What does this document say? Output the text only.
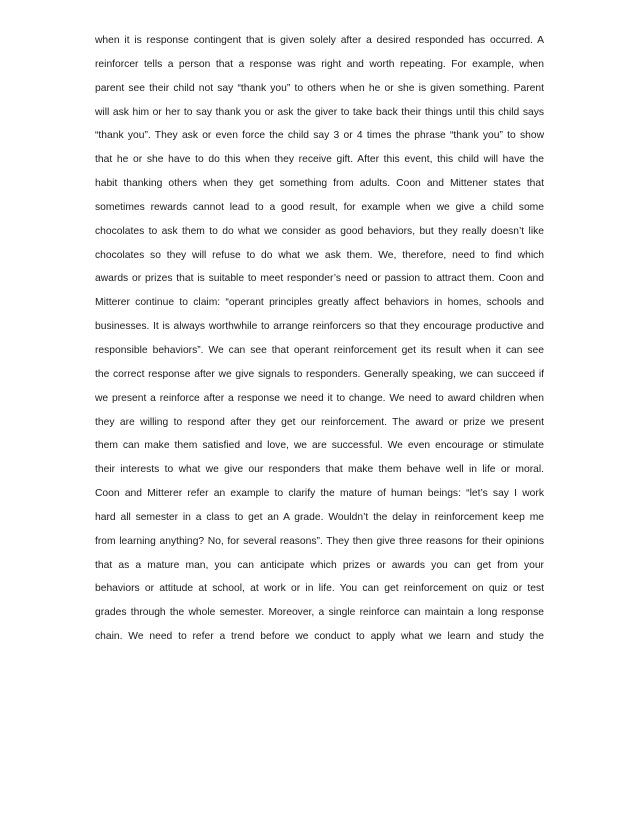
when it is response contingent that is given solely after a desired responded has occurred. A
reinforcer tells a person that a response was right and worth repeating. For example, when
parent see their child not say “thank you” to others when he or she is given something. Parent
will ask him or her to say thank you or ask the giver to take back their things until this child says
“thank you”. They ask or even force the child say 3 or 4 times the phrase “thank you” to show
that he or she have to do this when they receive gift. After this event, this child will have the
habit thanking others when they get something from adults. Coon and Mittener states that
sometimes rewards cannot lead to a good result, for example when we give a child some
chocolates to ask them to do what we consider as good behaviors, but they really doesn’t like
chocolates so they will refuse to do what we ask them. We, therefore, need to find which
awards or prizes that is suitable to meet responder’s need or passion to attract them. Coon and
Mitterer continue to claim: “operant principles greatly affect behaviors in homes, schools and
businesses. It is always worthwhile to arrange reinforcers so that they encourage productive and
responsible behaviors”. We can see that operant reinforcement get its result when it can see
the correct response after we give signals to responders. Generally speaking, we can succeed if
we present a reinforce after a response we need it to change. We need to award children when
they are willing to respond after they get our reinforcement. The award or prize we present
them can make them satisfied and love, we are successful. We even encourage or stimulate
their interests to what we give our responders that make them behave well in life or moral.
Coon and Mitterer refer an example to clarify the mature of human beings: “let’s say I work
hard all semester in a class to get an A grade. Wouldn’t the delay in reinforcement keep me
from learning anything? No, for several reasons”. They then give three reasons for their opinions
that as a mature man, you can anticipate which prizes or awards you can get from your
behaviors or attitude at school, at work or in life. You can get reinforcement on quiz or test
grades through the whole semester. Moreover, a single reinforce can maintain a long response
chain. We need to refer a trend before we conduct to apply what we learn and study the
